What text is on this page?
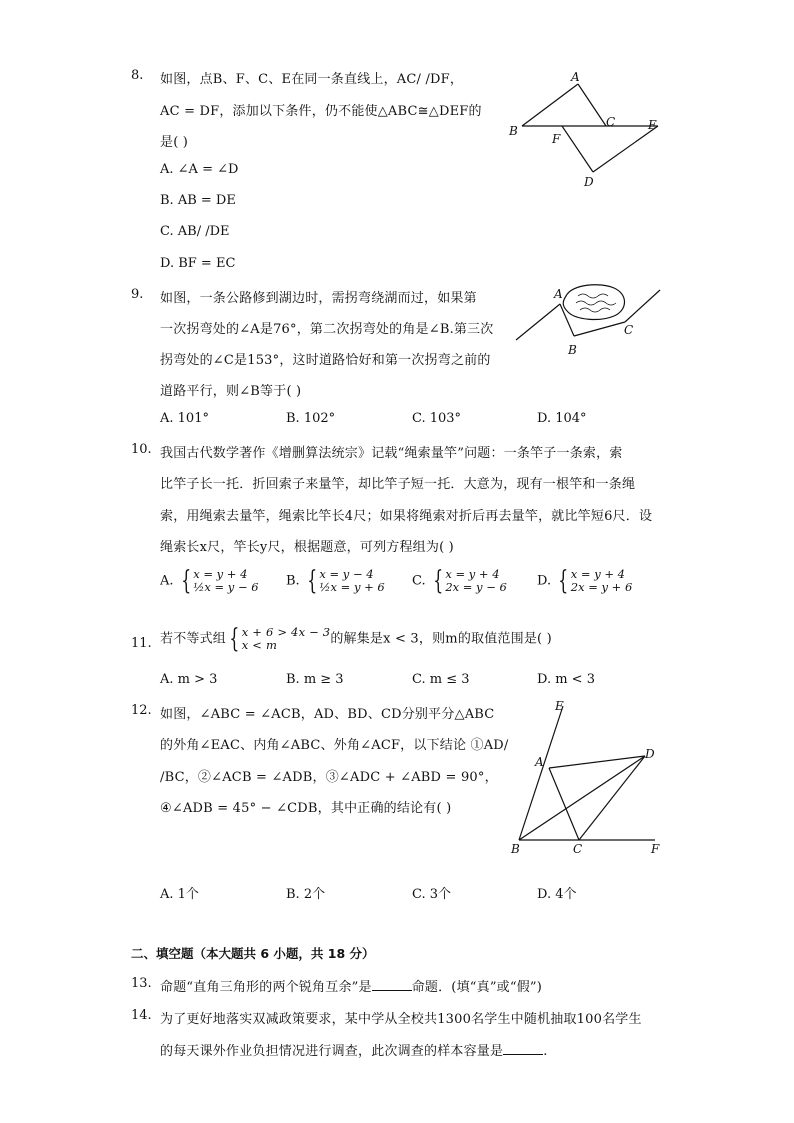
8. 如图，点B、F、C、E在同一条直线上，AC/ /DF，
AC = DF，添加以下条件，仍不能使△ABC≅△DEF的
是( )
A. ∠A = ∠D
B. AB = DE
C. AB/ /DE
D. BF = EC
A
B
F
C	E
D
9. 如图，一条公路修到湖边时，需拐弯绕湖而过，如果第
一次拐弯处的∠A是76°，第二次拐弯处的角是∠B.第三次
拐弯处的∠C是153°，这时道路恰好和第一次拐弯之前的
道路平行，则∠B等于( )
A. 101°	B. 102°	C. 103°	D. 104°
A
B
C
10. 我国古代数学著作《增删算法统宗》记载“绳索量竿”问题：一条竿子一条索，索
比竿子长一托．折回索子来量竿，却比竿子短一托．大意为，现有一根竿和一条绳
索，用绳索去量竿，绳索比竿长4尺；如果将绳索对折后再去量竿，就比竿短6尺．设
绳索长x尺，竿长y尺，根据题意，可列方程组为( )
A. { x = y + 4
½x = y − 6 B. { x = y − 4
½x = y + 6 C. { x = y + 4
2x = y − 6 D. { x = y + 4
2x = y + 6
11. 若不等式组 { x + 6 > 4x − 3
x < m	的解集是x < 3，则m的取值范围是( )
A. m > 3	B. m ≥ 3	C. m ≤ 3	D. m < 3
12. 如图，∠ABC = ∠ACB，AD、BD、CD分别平分△ABC
的外角∠EAC、内角∠ABC、外角∠ACF，以下结论 ①AD/
/BC，②∠ACB = ∠ADB，③∠ADC + ∠ABD = 90°，
④∠ADB = 45° − ∠CDB，其中正确的结论有( )
A. 1个	B. 2个	C. 3个	D. 4个
E
A
D
B	C	F
二、填空题（本大题共 6 小题，共 18 分）
13. 命题“直角三角形的两个锐角互余”是	命题．(填“真”或“假”)
14. 为了更好地落实双减政策要求，某中学从全校共1300名学生中随机抽取100名学生
的每天课外作业负担情况进行调查，此次调查的样本容量是	.
